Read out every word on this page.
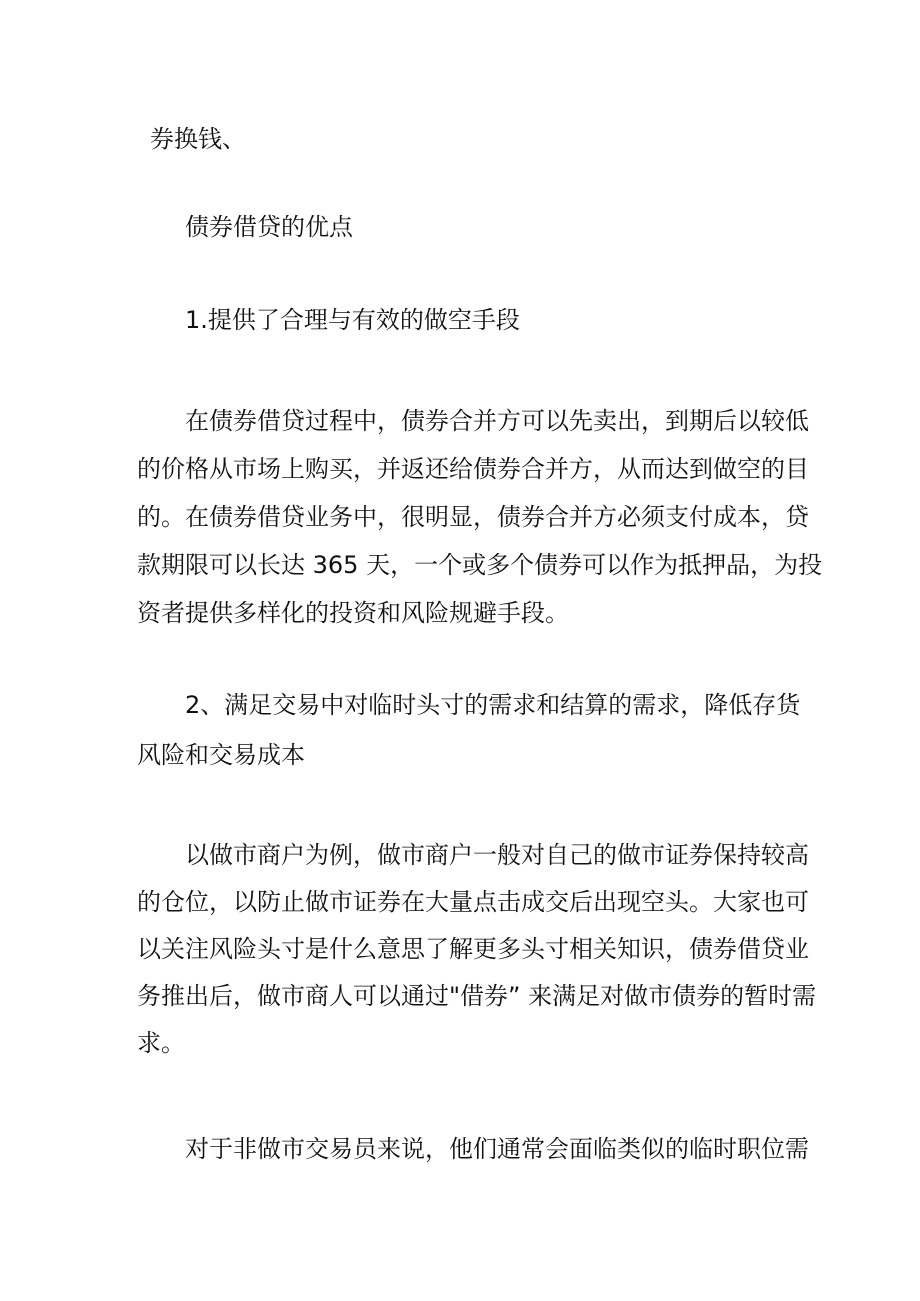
券换钱、

债券借贷的优点

1.提供了合理与有效的做空手段

在债券借贷过程中，债券合并方可以先卖出，到期后以较低

的价格从市场上购买，并返还给债券合并方，从而达到做空的目

的。在债券借贷业务中，很明显，债券合并方必须支付成本，贷

款期限可以长达 365 天，一个或多个债券可以作为抵押品，为投

资者提供多样化的投资和风险规避手段。

2、满足交易中对临时头寸的需求和结算的需求，降低存货

风险和交易成本

以做市商户为例，做市商户一般对自己的做市证券保持较高

的仓位，以防止做市证券在大量点击成交后出现空头。大家也可

以关注风险头寸是什么意思了解更多头寸相关知识，债券借贷业

务推出后，做市商人可以通过"借券” 来满足对做市债券的暂时需

求。

对于非做市交易员来说，他们通常会面临类似的临时职位需
